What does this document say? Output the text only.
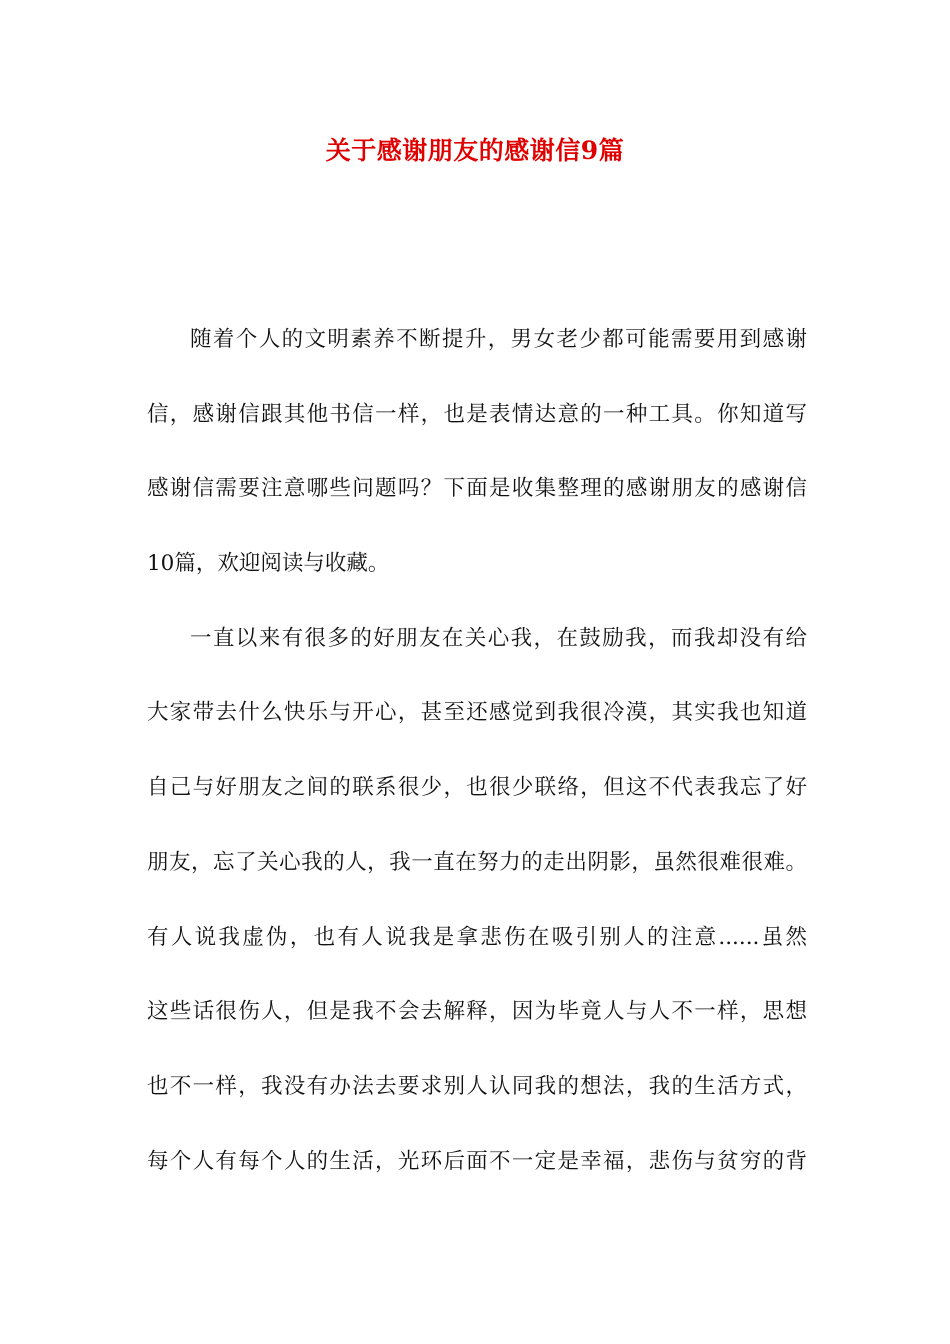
关于感谢朋友的感谢信9篇
随着个人的文明素养不断提升，男女老少都可能需要用到感谢
信，感谢信跟其他书信一样，也是表情达意的一种工具。你知道写
感谢信需要注意哪些问题吗？下面是收集整理的感谢朋友的感谢信
10篇，欢迎阅读与收藏。
一直以来有很多的好朋友在关心我，在鼓励我，而我却没有给
大家带去什么快乐与开心，甚至还感觉到我很冷漠，其实我也知道
自己与好朋友之间的联系很少，也很少联络，但这不代表我忘了好
朋友，忘了关心我的人，我一直在努力的走出阴影，虽然很难很难。
有人说我虚伪，也有人说我是拿悲伤在吸引别人的注意......虽然
这些话很伤人，但是我不会去解释，因为毕竟人与人不一样，思想
也不一样，我没有办法去要求别人认同我的想法，我的生活方式，
每个人有每个人的生活，光环后面不一定是幸福，悲伤与贫穷的背
